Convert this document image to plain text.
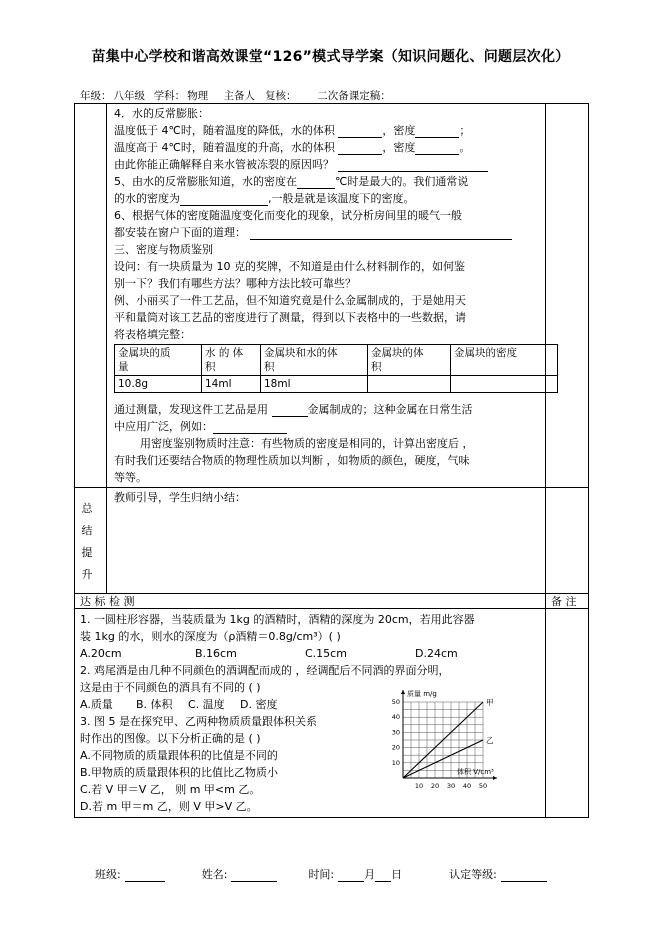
苗集中心学校和谐高效课堂“126”模式导学案（知识问题化、问题层次化）
年级： 八年级 学科： 物理 主备人 复核： 二次备课定稿：
4．水的反常膨胀：
温度低于 4℃时，随着温度的降低，水的体积	，密度	；
温度高于 4℃时，随着温度的升高，水的体积	，密度	。
由此你能正确解释自来水管被冻裂的原因吗？
5、由水的反常膨胀知道，水的密度在	℃时是最大的。我们通常说
的水的密度为	,一般是就是该温度下的密度。
6、根据气体的密度随温度变化而变化的现象，试分析房间里的暖气一般
都安装在窗户下面的道理：
三、密度与物质鉴别
设问：有一块质量为 10 克的奖牌，不知道是由什么材料制作的，如何鉴
别一下？我们有哪些方法？哪种方法比较可靠些？
例、小丽买了一件工艺品，但不知道究竟是什么金属制成的，于是她用天
平和量筒对该工艺品的密度进行了测量，得到以下表格中的一些数据，请
将表格填完整：
金属块的质
量	水 的 体
积	金属块和水的体
积	金属块的体
积	金属块的密度

10.8g	14ml	18ml		
通过测量，发现这件工艺品是用	金属制成的；这种金属在日常生活
中应用广泛，例如：
用密度鉴别物质时注意：有些物质的密度是相同的，计算出密度后 ，
有时我们还要结合物质的物理性质加以判断 ，如物质的颜色，硬度，气味
等等。
总
结
提
升
教师引导，学生归纳小结：
达 标 检 测	备 注
1. 一圆柱形容器，当装质量为 1kg 的酒精时，酒精的深度为 20cm，若用此容器
装 1kg 的水，则水的深度为（ρ酒精＝0.8g/cm³）( )
A.20cm	B.16cm	C.15cm	D.24cm
2. 鸡尾酒是由几种不同颜色的酒调配而成的 ，经调配后不同酒的界面分明，
这是由于不同颜色的酒具有不同的 ( )
A.质量 B. 体积 C. 温度 D. 密度
3. 图 5 是在探究甲、乙两种物质质量跟体积关系
时作出的图像。以下分析正确的是 ( )
A.不同物质的质量跟体积的比值是不同的
B.甲物质的质量跟体积的比值比乙物质小
C.若 V 甲＝V 乙， 则 m 甲<m 乙。
D.若 m 甲＝m 乙，则 V 甲>V 乙。
10 20 30 40 50
10
20
30
40
50
质量 m/g
体积 V/cm³
甲
乙
班级:	姓名:	时间:	月 日	认定等级:
